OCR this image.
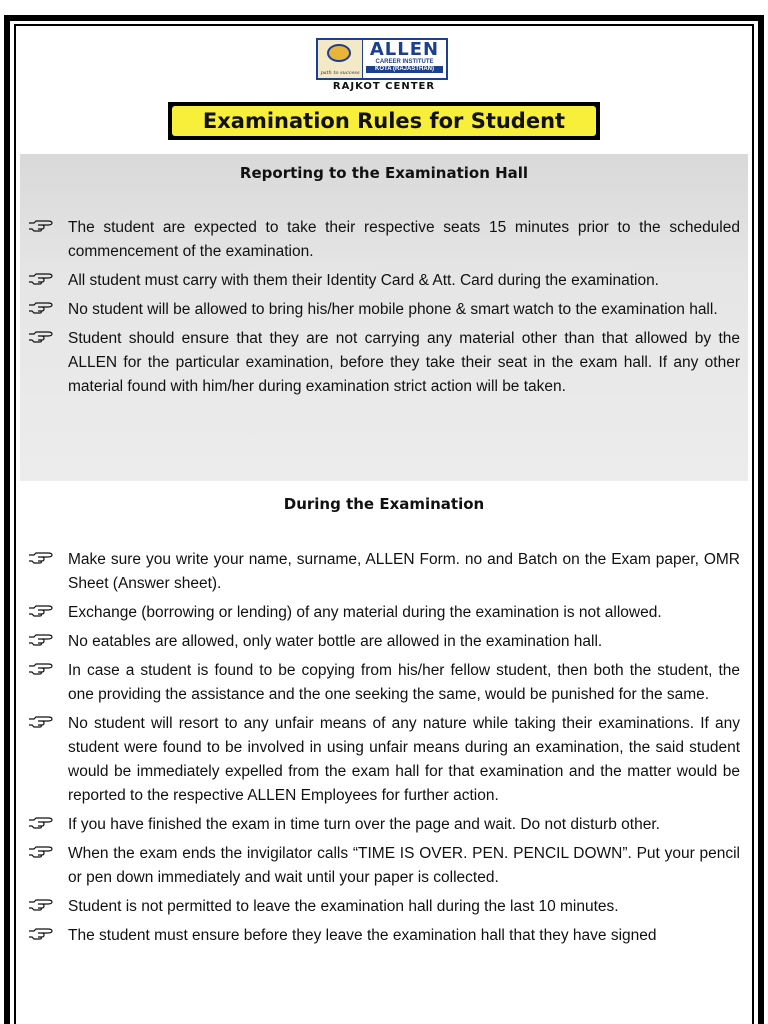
path to success
ALLEN
CAREER INSTITUTE
KOTA (RAJASTHAN)
RAJKOT CENTER
Examination Rules for Student
Reporting to the Examination Hall
The student are expected to take their respective seats 15 minutes prior to the scheduled commencement of the examination.
All student must carry with them their Identity Card & Att. Card during the examination.
No student will be allowed to bring his/her mobile phone & smart watch to the examination hall.
Student should ensure that they are not carrying any material other than that allowed by the ALLEN for the particular examination, before they take their seat in the exam hall. If any other material found with him/her during examination strict action will be taken.
During the Examination
Make sure you write your name, surname, ALLEN Form. no and Batch on the Exam paper, OMR Sheet (Answer sheet).
Exchange (borrowing or lending) of any material during the examination is not allowed.
No eatables are allowed, only water bottle are allowed in the examination hall.
In case a student is found to be copying from his/her fellow student, then both the student, the one providing the assistance and the one seeking the same, would be punished for the same.
No student will resort to any unfair means of any nature while taking their examinations. If any student were found to be involved in using unfair means during an examination, the said student would be immediately expelled from the exam hall for that examination and the matter would be reported to the respective ALLEN Employees for further action.
If you have finished the exam in time turn over the page and wait. Do not disturb other.
When the exam ends the invigilator calls “TIME IS OVER. PEN. PENCIL DOWN”. Put your pencil or pen down immediately and wait until your paper is collected.
Student is not permitted to leave the examination hall during the last 10 minutes.
The student must ensure before they leave the examination hall that they have signed
